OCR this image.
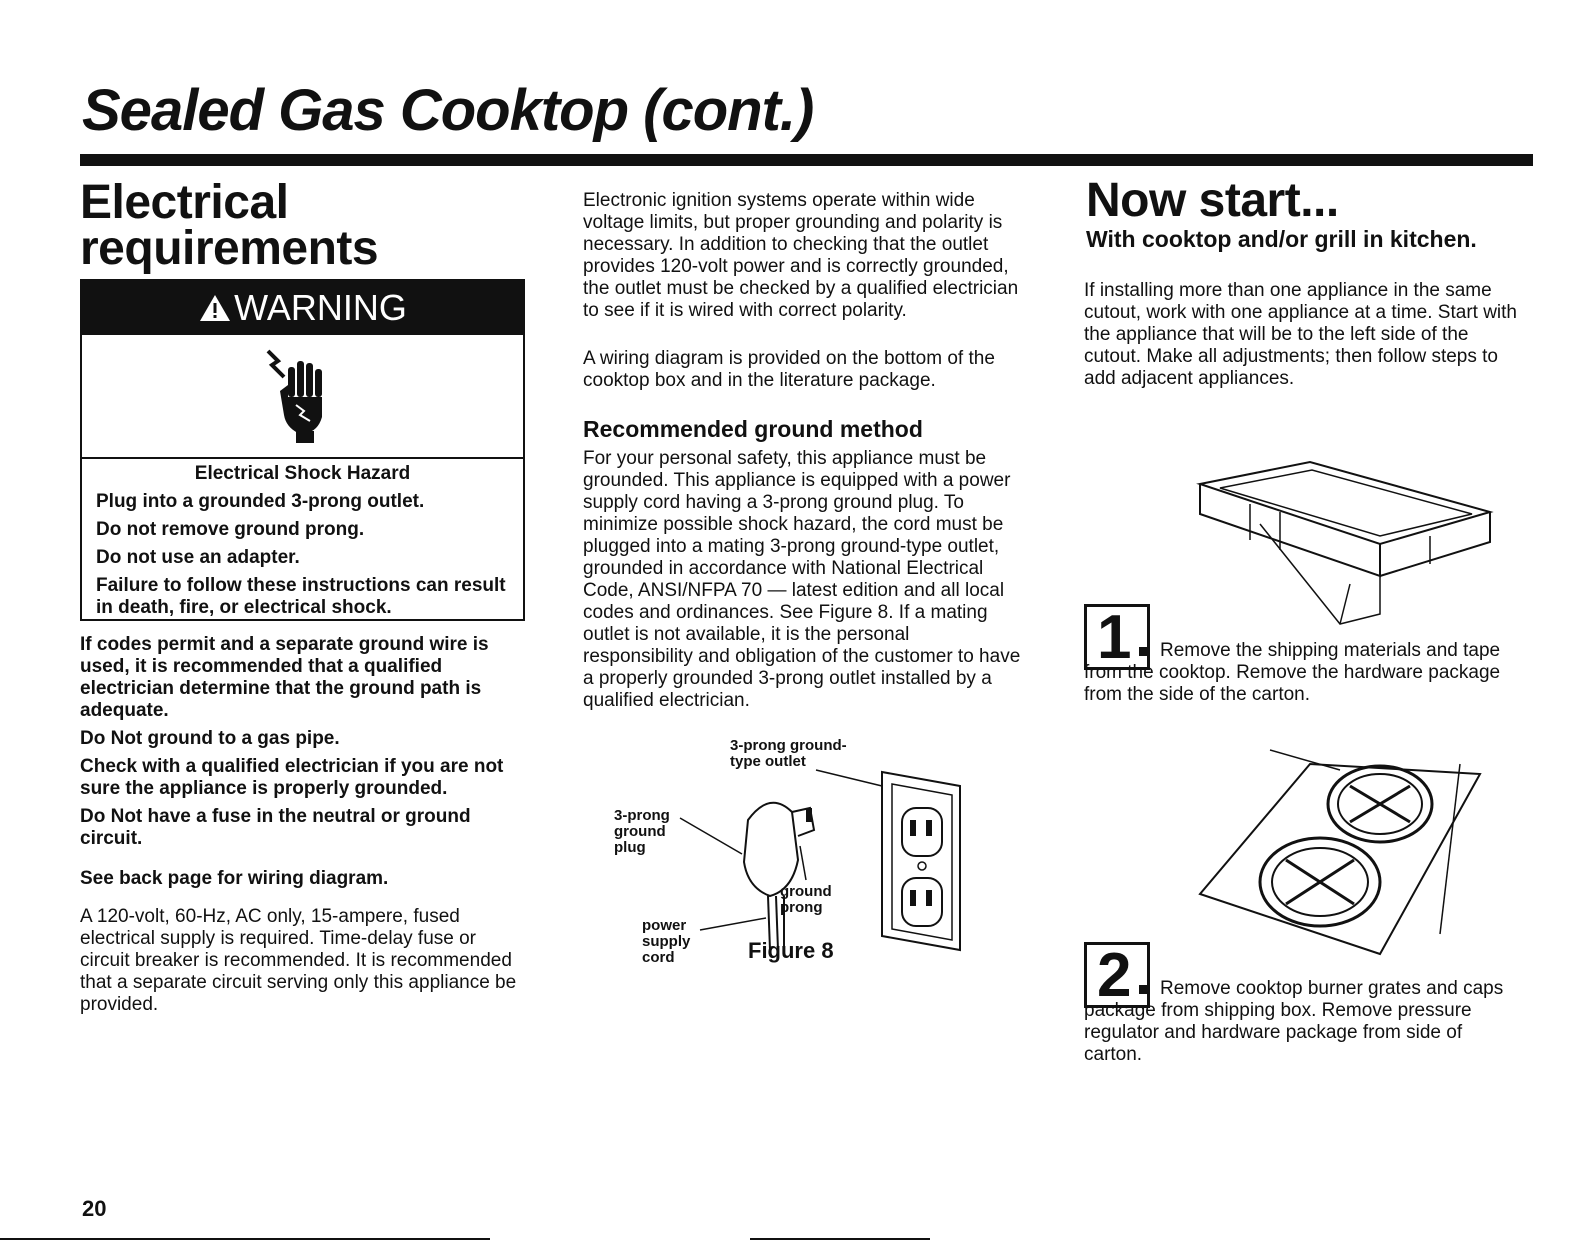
Sealed Gas Cooktop (cont.)
Electrical
requirements
WARNING
Electrical Shock Hazard
Plug into a grounded 3-prong outlet.
Do not remove ground prong.
Do not use an adapter.
Failure to follow these instructions can result in death, fire, or electrical shock.
If codes permit and a separate ground wire is used, it is recommended that a qualified electrician determine that the ground path is adequate.
Do Not ground to a gas pipe.
Check with a qualified electrician if you are not sure the appliance is properly grounded.
Do Not have a fuse in the neutral or ground circuit.
See back page for wiring diagram.
A 120-volt, 60-Hz, AC only, 15-ampere, fused electrical supply is required. Time-delay fuse or circuit breaker is recommended. It is recommended that a separate circuit serving only this appliance be provided.
Electronic ignition systems operate within wide voltage limits, but proper grounding and polarity is necessary. In addition to checking that the outlet provides 120-volt power and is correctly grounded, the outlet must be checked by a qualified electrician to see if it is wired with correct polarity.
A wiring diagram is provided on the bottom of the cooktop box and in the literature package.
Recommended ground method
For your personal safety, this appliance must be grounded. This appliance is equipped with a power supply cord having a 3-prong ground plug. To minimize possible shock hazard, the cord must be plugged into a mating 3-prong ground-type outlet, grounded in accordance with National Electrical Code, ANSI/NFPA 70 — latest edition and all local codes and ordinances. See Figure 8. If a mating outlet is not available, it is the personal responsibility and obligation of the customer to have a properly grounded 3-prong outlet installed by a qualified electrician.
3-prong ground-
type outlet
3-prong
ground
plug
ground
prong
power
supply
cord	Figure 8
Now start...
With cooktop and/or grill in kitchen.
If installing more than one appliance in the same cutout, work with one appliance at a time. Start with the appliance that will be to the left side of the cutout. Make all adjustments; then follow steps to add adjacent appliances.
1	Remove the shipping materials and tape from the cooktop. Remove the hardware package from the side of the carton.
2	Remove cooktop burner grates and caps package from shipping box. Remove pressure regulator and hardware package from side of carton.
20
